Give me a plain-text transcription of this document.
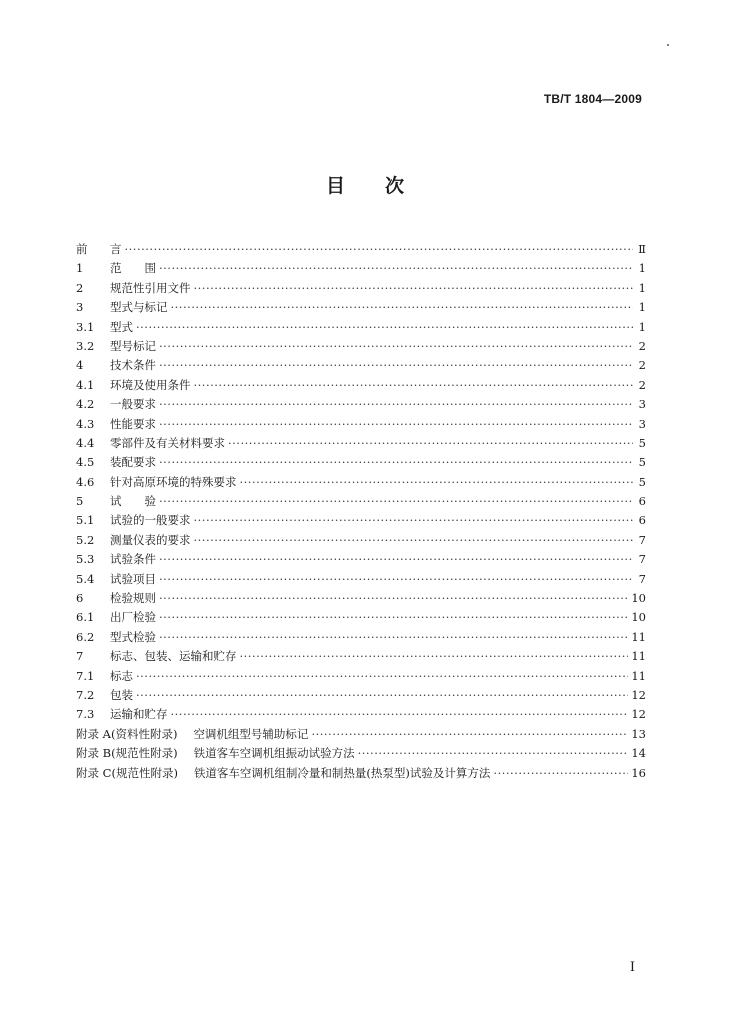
TB/T 1804—2009
目 次
前	言 ·····	Ⅱ
1	范　　围 ·····	1
2	规范性引用文件 ·····	1
3	型式与标记 ·····	1
3.1	型式 ·····	1
3.2	型号标记 ·····	2
4	技术条件 ·····	2
4.1	环境及使用条件 ·····	2
4.2	一般要求 ·····	3
4.3	性能要求 ·····	3
4.4	零部件及有关材料要求 ·····	5
4.5	装配要求 ·····	5
4.6	针对高原环境的特殊要求 ·····	5
5	试　　验 ·····	6
5.1	试验的一般要求 ·····	6
5.2	测量仪表的要求 ·····	7
5.3	试验条件 ·····	7
5.4	试验项目 ·····	7
6	检验规则 ·····	10
6.1	出厂检验 ·····	10
6.2	型式检验 ·····	11
7	标志、包装、运输和贮存 ·····	11
7.1	标志 ·····	11
7.2	包装 ·····	12
7.3	运输和贮存 ·····	12
附录 A(资料性附录) 空调机组型号辅助标记 ·····	13
附录 B(规范性附录) 铁道客车空调机组振动试验方法 ·····	14
附录 C(规范性附录) 铁道客车空调机组制冷量和制热量(热泵型)试验及计算方法 ·····	16
Ⅰ
